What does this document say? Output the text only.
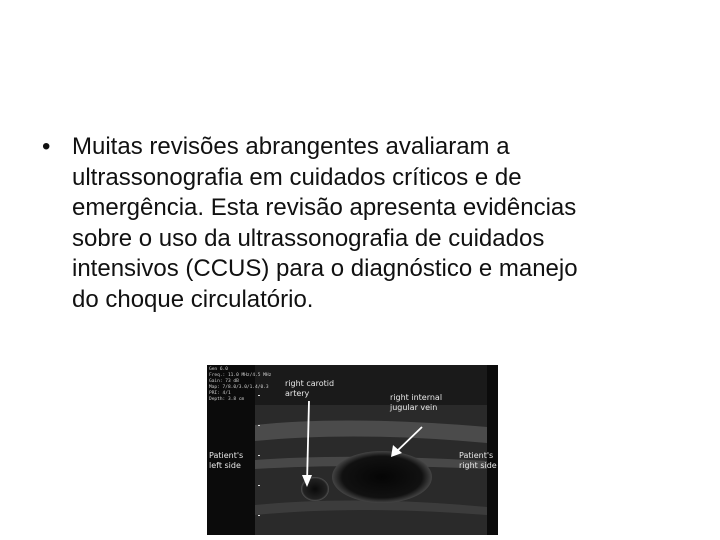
• Muitas revisões abrangentes avaliaram a
ultrassonografia em cuidados críticos e de
emergência. Esta revisão apresenta evidências
sobre o uso da ultrassonografia de cuidados
intensivos (CCUS) para o diagnóstico e manejo
do choque circulatório.
Gen 6.0
Freq.: 11.0 MHz/4.5 MHz
Gain: 73 dB
Map: 7/8.0/3.0/1.4/0.3
PRI: 4/1
Depth: 3.8 cm
right carotid
artery	right internal
jugular vein
Patient's
left side
Patient's
right side
